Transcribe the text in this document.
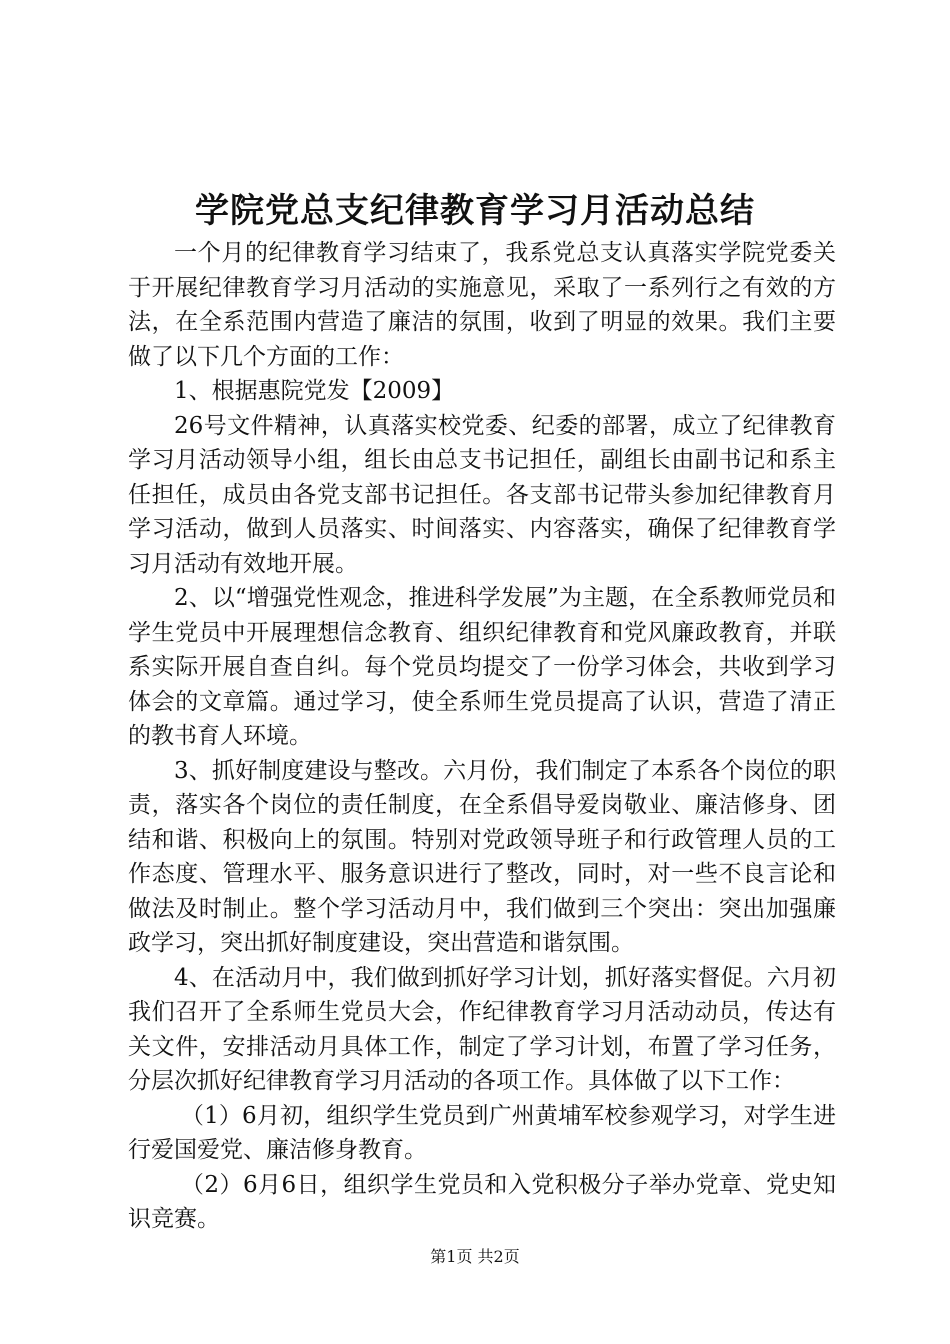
学院党总支纪律教育学习月活动总结

一个月的纪律教育学习结束了，我系党总支认真落实学院党委关于开展纪律教育学习月活动的实施意见，采取了一系列行之有效的方法，在全系范围内营造了廉洁的氛围，收到了明显的效果。我们主要做了以下几个方面的工作：

1、根据惠院党发【2009】

26号文件精神，认真落实校党委、纪委的部署，成立了纪律教育学习月活动领导小组，组长由总支书记担任，副组长由副书记和系主任担任，成员由各党支部书记担任。各支部书记带头参加纪律教育月学习活动，做到人员落实、时间落实、内容落实，确保了纪律教育学习月活动有效地开展。

2、以“增强党性观念，推进科学发展”为主题，在全系教师党员和学生党员中开展理想信念教育、组织纪律教育和党风廉政教育，并联系实际开展自查自纠。每个党员均提交了一份学习体会，共收到学习体会的文章篇。通过学习，使全系师生党员提高了认识，营造了清正的教书育人环境。

3、抓好制度建设与整改。六月份，我们制定了本系各个岗位的职责，落实各个岗位的责任制度，在全系倡导爱岗敬业、廉洁修身、团结和谐、积极向上的氛围。特别对党政领导班子和行政管理人员的工作态度、管理水平、服务意识进行了整改，同时，对一些不良言论和做法及时制止。整个学习活动月中，我们做到三个突出：突出加强廉政学习，突出抓好制度建设，突出营造和谐氛围。

4、在活动月中，我们做到抓好学习计划，抓好落实督促。六月初我们召开了全系师生党员大会，作纪律教育学习月活动动员，传达有关文件，安排活动月具体工作，制定了学习计划，布置了学习任务，分层次抓好纪律教育学习月活动的各项工作。具体做了以下工作：

（1）6月初，组织学生党员到广州黄埔军校参观学习，对学生进行爱国爱党、廉洁修身教育。

（2）6月6日，组织学生党员和入党积极分子举办党章、党史知识竞赛。

第1页 共2页
